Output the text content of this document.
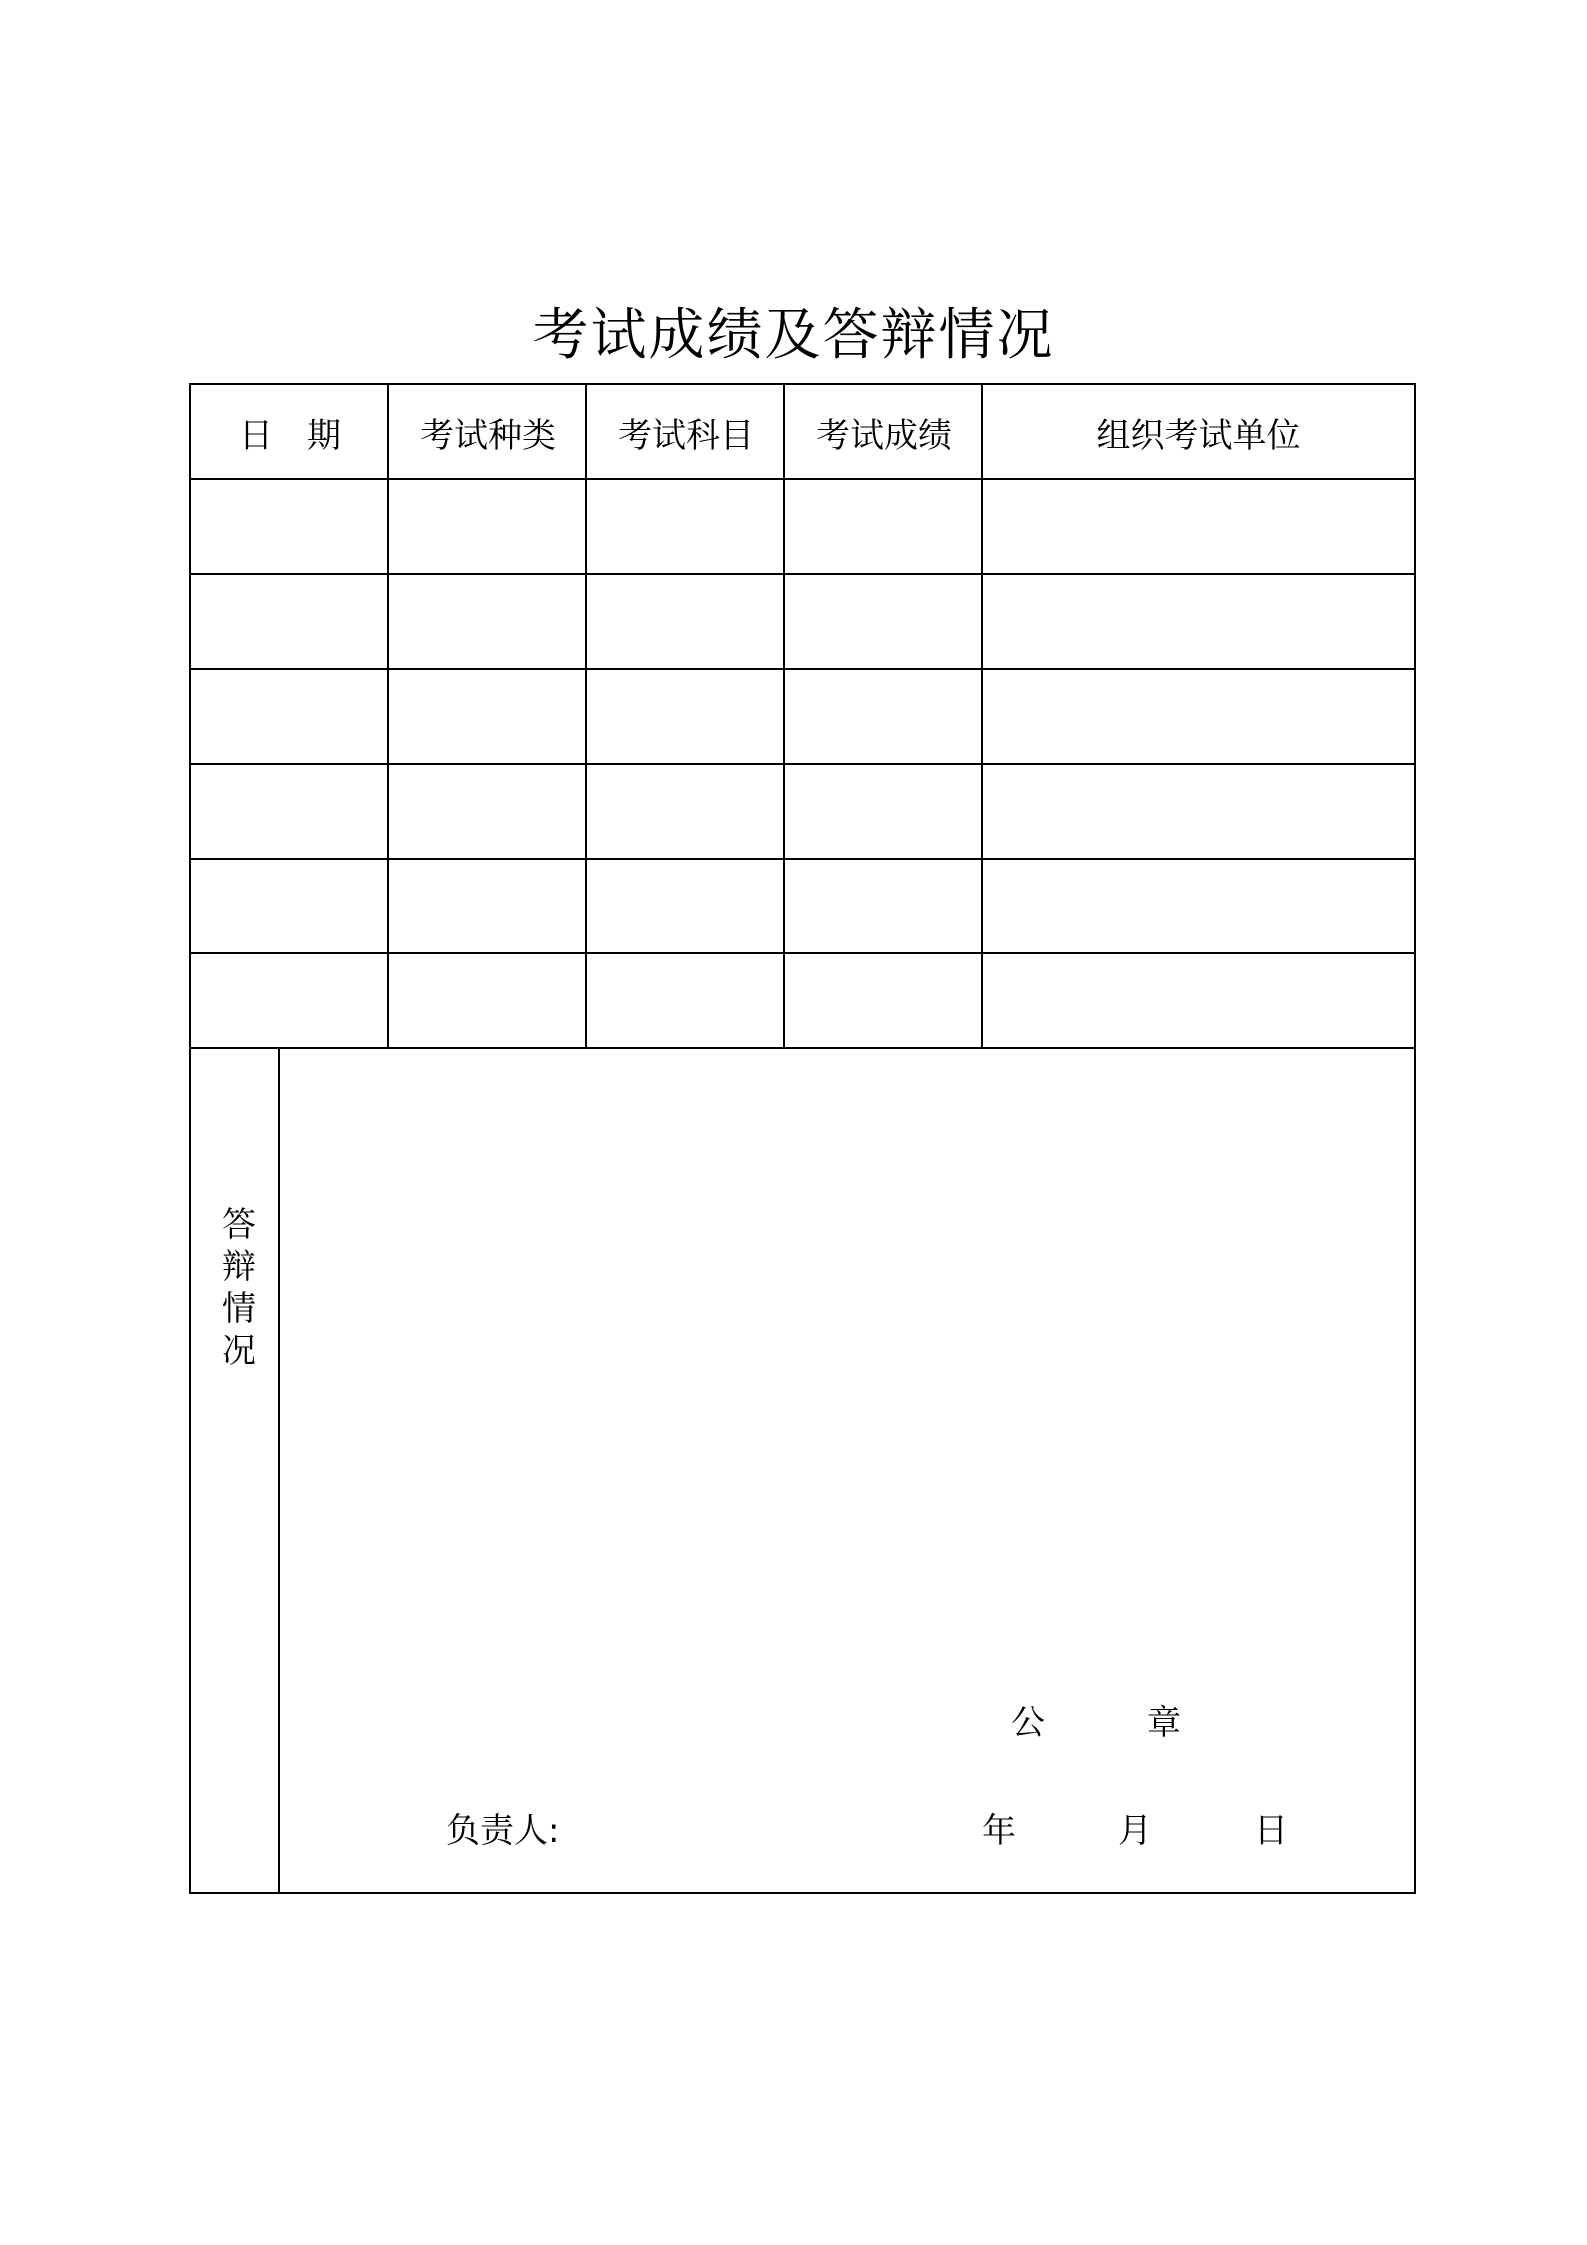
考试成绩及答辩情况
日　期	考试种类	考试科目	考试成绩	组织考试单位
答辩情况
公　　　章
负责人:	年　　　月　　　日
